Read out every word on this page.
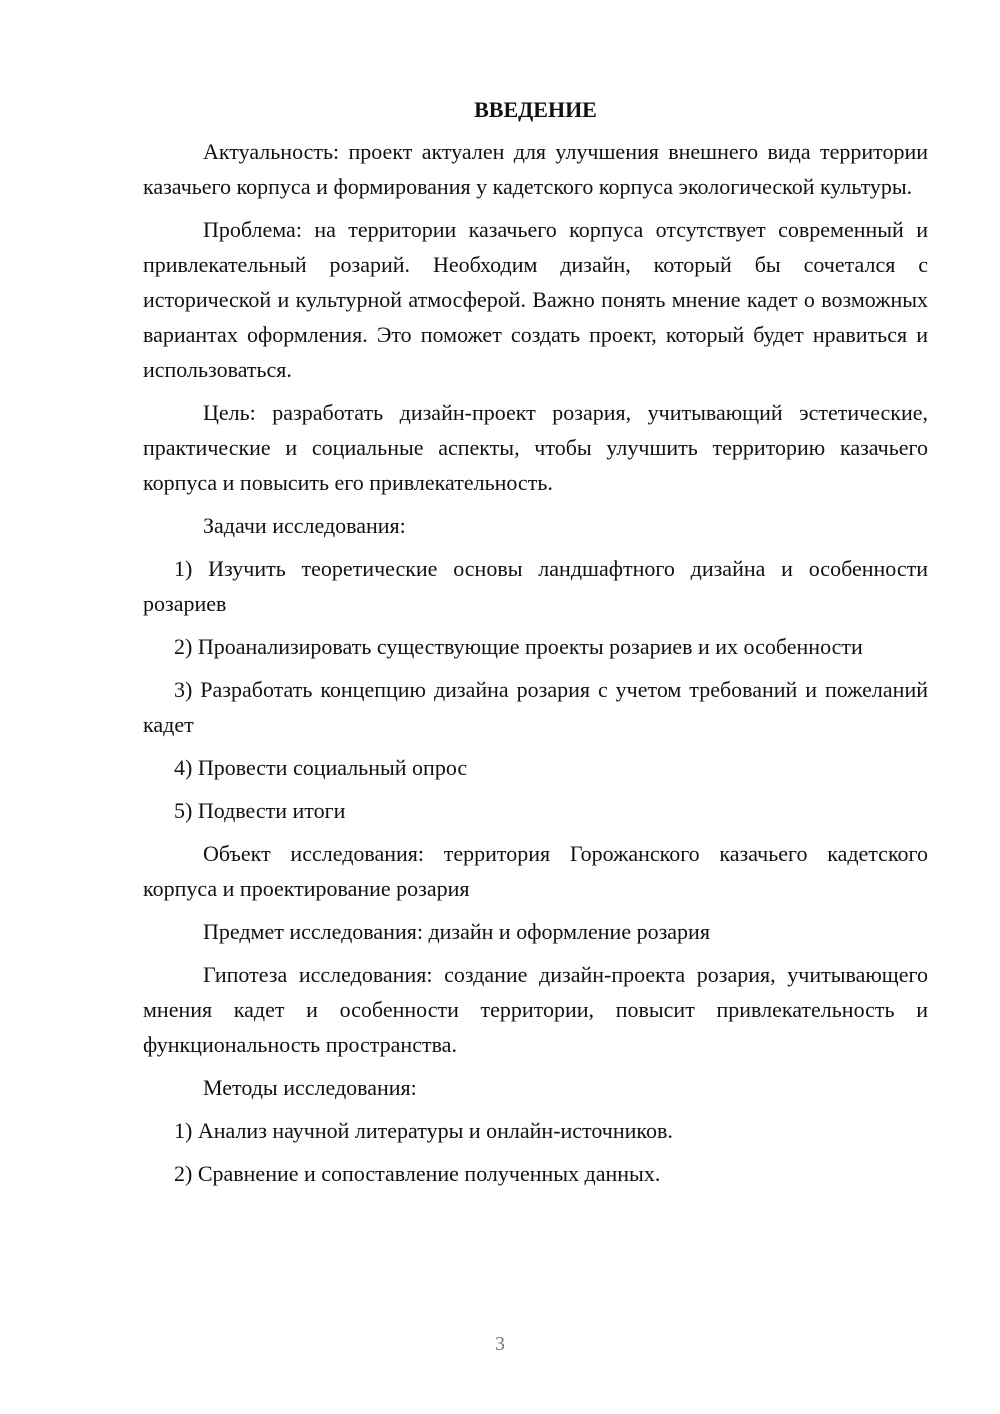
ВВЕДЕНИЕ

Актуальность: проект актуален для улучшения внешнего вида территории казачьего корпуса и формирования у кадетского корпуса экологической культуры.

Проблема: на территории казачьего корпуса отсутствует современный и привлекательный розарий. Необходим дизайн, который бы сочетался с исторической и культурной атмосферой. Важно понять мнение кадет о возможных вариантах оформления. Это поможет создать проект, который будет нравиться и использоваться.

Цель: разработать дизайн-проект розария, учитывающий эстетические, практические и социальные аспекты, чтобы улучшить территорию казачьего корпуса и повысить его привлекательность.

Задачи исследования:

1) Изучить теоретические основы ландшафтного дизайна и особенности розариев

2) Проанализировать существующие проекты розариев и их особенности

3) Разработать концепцию дизайна розария с учетом требований и пожеланий кадет

4) Провести социальный опрос

5) Подвести итоги

Объект исследования: территория Горожанского казачьего кадетского корпуса и проектирование розария

Предмет исследования: дизайн и оформление розария

Гипотеза исследования: создание дизайн-проекта розария, учитывающего мнения кадет и особенности территории, повысит привлекательность и функциональность пространства.

Методы исследования:

1) Анализ научной литературы и онлайн-источников.

2) Сравнение и сопоставление полученных данных.

3
